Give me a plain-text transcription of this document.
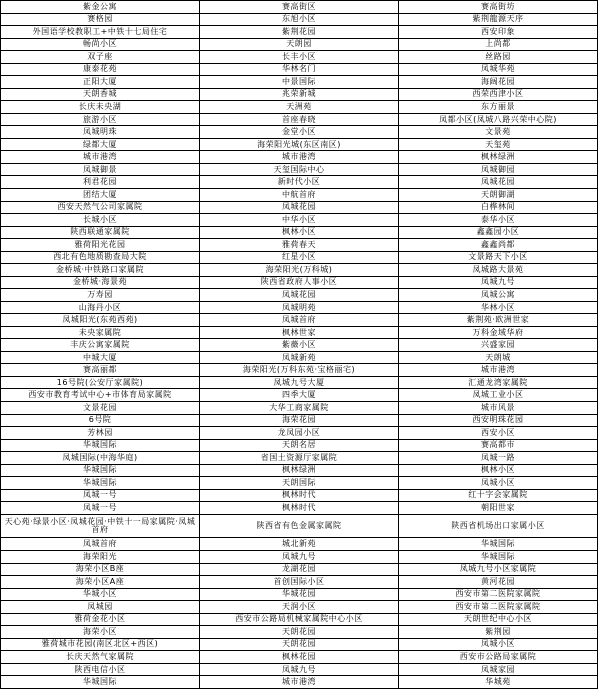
紫金公寓	赛高街区	赛高街坊
赛格园	东旭小区	紫荆龍源天序
外国语学校教职工+中铁十七局住宅	紫荆花园	西安印象
畅尚小区	天朗园	上尚都
双子座	长丰小区	丝路园
康泰花苑	华林名门	凤城华苑
正阳大厦	中景国际	海阔花园
天朗香城	兆荣新城	西荣西津小区
长庆未央湖	天洲苑	东方丽景
旅游小区	首座春晓	凤都小区(凤城八路兴荣中心院)
凤城明珠	金堂小区	文景苑
绿都大厦	海荣阳光城(东区南区)	天玺苑
城市港湾	城市港湾	枫林绿洲
凤城御景	天玺国际中心	凤城御园
利君花园	新时代小区	凤城花园
团结大厦	中航首府	天朗御湖
西安天然气公司家属院	凤城花园	白桦林间
长城小区	中华小区	泰华小区
陕西联通家属院	枫林小区	鑫鑫园小区
雅荷阳光花园	雅荷春天	鑫鑫尚都
西北有色地质勘查局大院	红星小区	文景路天下小区
金桥城·中铁路口家属院	海荣阳光(万科城)	凤城路大景苑
金桥城·海景苑	陕西省政府人事小区	凤城九号
万寿园	凤城花园	凤城公寓
山海丹小区	凤城明苑	华林小区
凤城阳光(东苑西苑)	凤城首府	紫荆苑·欧洲世家
未央家属院	枫林世家	万科金域华府
丰庆公寓家属院	紫薇小区	兴盛家园
中城大厦	凤城新苑	天朗城
赛高丽都	海荣阳光(万科东苑·宝格丽宅)	城市港湾
16号院(公安厅家属院)	凤城九号大厦	汇通龙湾家属院
西安市教育考试中心+市体育局家属院	四季大厦	凤城工业小区
文景花园	大华工商家属院	城市风景
6号院	海荣花园	西安明珠花园
芳林园	龙凤园小区	西安小区
华城国际	天朗名居	赛高都市
凤城国际(中海华庭)	省国土资源厅家属院	凤城一路
华城国际	枫林绿洲	枫林小区
华城国际	天朗国际	凤城小区
凤城一号	枫林时代	红十字会家属院
凤城一号	枫林时代	朝阳世家
天心苑·绿景小区·凤城花园·中铁十一局家属院·凤城首府	陕西省有色金属家属院	陕西省机场出口家属小区
凤城首府	城北新苑	华城国际
海荣阳光	凤城九号	华城国际
海荣小区B座	龙湖花园	凤城九号小区家属院
海荣小区A座	首创国际小区	黄河花园
华城小区	华城花园	西安市第二医院家属院
凤城园	天润小区	西安市第二医院家属院
雅荷金花小区	西安市公路局机械家属院中心小区	天朗世纪中心小区
海荣小区	天朗花园	紫荆园
雅荷城市花园(南区北区+西区)	天朗花园	凤城小区
长庆天然气家属院	枫林花园	西安市公路局家属院
陕西电信小区	凤城九号	凤城家园
华城国际	城市港湾	华城苑
